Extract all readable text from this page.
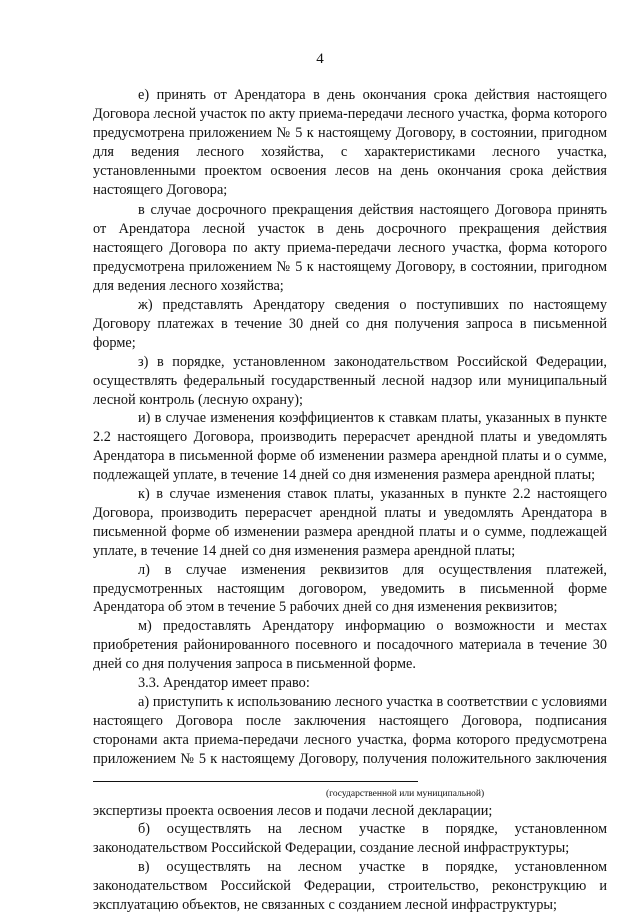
4

е) принять от Арендатора в день окончания срока действия настоящего Договора лесной участок по акту приема-передачи лесного участка, форма которого предусмотрена приложением № 5 к настоящему Договору, в состоянии, пригодном для ведения лесного хозяйства, с характеристиками лесного участка, установленными проектом освоения лесов на день окончания срока действия настоящего Договора;

в случае досрочного прекращения действия настоящего Договора принять от Арендатора лесной участок в день досрочного прекращения действия настоящего Договора по акту приема-передачи лесного участка, форма которого предусмотрена приложением № 5 к настоящему Договору, в состоянии, пригодном для ведения лесного хозяйства;

ж) представлять Арендатору сведения о поступивших по настоящему Договору платежах в течение 30 дней со дня получения запроса в письменной форме;

з) в порядке, установленном законодательством Российской Федерации, осуществлять федеральный государственный лесной надзор или муниципальный лесной контроль (лесную охрану);

и) в случае изменения коэффициентов к ставкам платы, указанных в пункте 2.2 настоящего Договора, производить перерасчет арендной платы и уведомлять Арендатора в письменной форме об изменении размера арендной платы и о сумме, подлежащей уплате, в течение 14 дней со дня изменения размера арендной платы;

к) в случае изменения ставок платы, указанных в пункте 2.2 настоящего Договора, производить перерасчет арендной платы и уведомлять Арендатора в письменной форме об изменении размера арендной платы и о сумме, подлежащей уплате, в течение 14 дней со дня изменения размера арендной платы;

л) в случае изменения реквизитов для осуществления платежей, предусмотренных настоящим договором, уведомить в письменной форме Арендатора об этом в течение 5 рабочих дней со дня изменения реквизитов;

м) предоставлять Арендатору информацию о возможности и местах приобретения районированного посевного и посадочного материала в течение 30 дней со дня получения запроса в письменной форме.

3.3. Арендатор имеет право:

а) приступить к использованию лесного участка в соответствии с условиями настоящего Договора после заключения настоящего Договора, подписания сторонами акта приема-передачи лесного участка, форма которого предусмотрена приложением № 5 к настоящему Договору, получения положительного заключения

(государственной или муниципальной)

экспертизы проекта освоения лесов и подачи лесной декларации;

б) осуществлять на лесном участке в порядке, установленном законодательством Российской Федерации, создание лесной инфраструктуры;

в) осуществлять на лесном участке в порядке, установленном законодательством Российской Федерации, строительство, реконструкцию и эксплуатацию объектов, не связанных с созданием лесной инфраструктуры;
